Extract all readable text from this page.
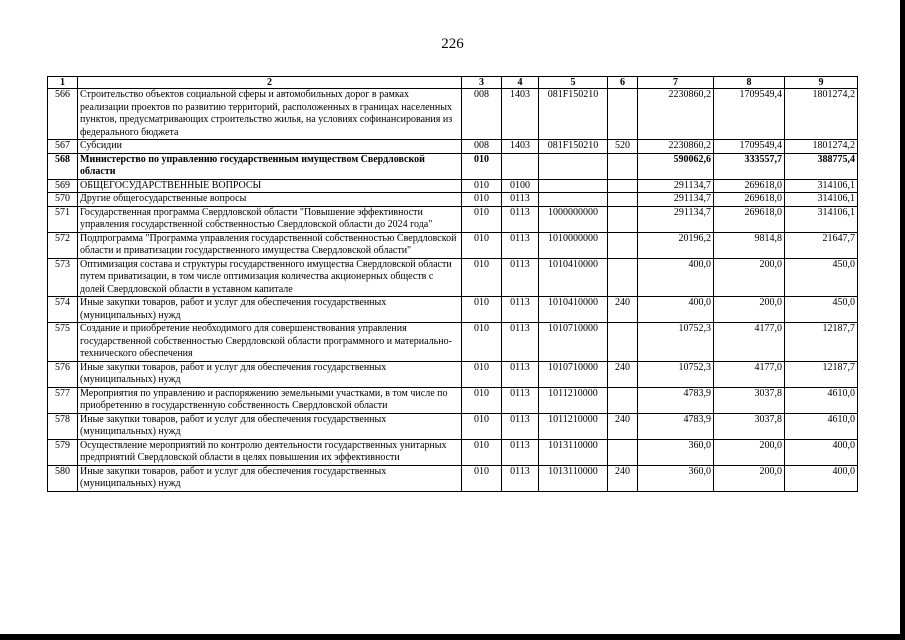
226
1	2	3	4	5	6	7	8	9
566	Строительство объектов социальной сферы и автомобильных дорог в рамках реализации проектов по развитию территорий, расположенных в границах населенных пунктов, предусматривающих строительство жилья, на условиях софинансирования из федерального бюджета	008	1403	081F150210		2230860,2	1709549,4	1801274,2
567	Субсидии	008	1403	081F150210	520	2230860,2	1709549,4	1801274,2
568	Министерство по управлению государственным имуществом Свердловской области	010				590062,6	333557,7	388775,4
569	ОБЩЕГОСУДАРСТВЕННЫЕ ВОПРОСЫ	010	0100			291134,7	269618,0	314106,1
570	Другие общегосударственные вопросы	010	0113			291134,7	269618,0	314106,1
571	Государственная программа Свердловской области "Повышение эффективности управления государственной собственностью Свердловской области до 2024 года"	010	0113	1000000000		291134,7	269618,0	314106,1
572	Подпрограмма "Программа управления государственной собственностью Свердловской области и приватизации государственного имущества Свердловской области"	010	0113	1010000000		20196,2	9814,8	21647,7
573	Оптимизация состава и структуры государственного имущества Свердловской области путем приватизации, в том числе оптимизация количества акционерных обществ с долей Свердловской области в уставном капитале	010	0113	1010410000		400,0	200,0	450,0
574	Иные закупки товаров, работ и услуг для обеспечения государственных (муниципальных) нужд	010	0113	1010410000	240	400,0	200,0	450,0
575	Создание и приобретение необходимого для совершенствования управления государственной собственностью Свердловской области программного и материально-технического обеспечения	010	0113	1010710000		10752,3	4177,0	12187,7
576	Иные закупки товаров, работ и услуг для обеспечения государственных (муниципальных) нужд	010	0113	1010710000	240	10752,3	4177,0	12187,7
577	Мероприятия по управлению и распоряжению земельными участками, в том числе по приобретению в государственную собственность Свердловской области	010	0113	1011210000		4783,9	3037,8	4610,0
578	Иные закупки товаров, работ и услуг для обеспечения государственных (муниципальных) нужд	010	0113	1011210000	240	4783,9	3037,8	4610,0
579	Осуществление мероприятий по контролю деятельности государственных унитарных предприятий Свердловской области в целях повышения их эффективности	010	0113	1013110000		360,0	200,0	400,0
580	Иные закупки товаров, работ и услуг для обеспечения государственных (муниципальных) нужд	010	0113	1013110000	240	360,0	200,0	400,0
